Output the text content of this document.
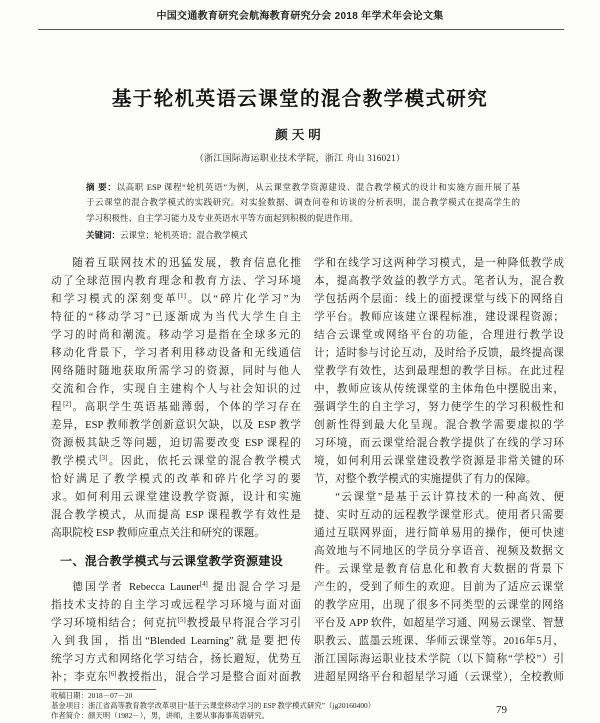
中国交通教育研究会航海教育研究分会 2018 年学术年会论文集
基于轮机英语云课堂的混合教学模式研究
颜天明
（浙江国际海运职业技术学院，浙江 舟山 316021）
摘 要：以高职 ESP 课程“轮机英语”为例，从云课堂教学资源建设、混合教学模式的设计和实施方面开展了基
于云课堂的混合教学模式的实践研究。对实验数据、调查问卷和访谈的分析表明，混合教学模式在提高学生的
学习积极性、自主学习能力及专业英语水平等方面起到积极的促进作用。
关键词：云课堂；轮机英语；混合教学模式
随着互联网技术的迅猛发展，教育信息化推
动了全球范围内教育理念和教育方法、学习环境
和学习模式的深刻变革[1]。以“碎片化学习”为
特征的“移动学习”已逐渐成为当代大学生自主
学习的时尚和潮流。移动学习是指在全球多元的
移动化背景下，学习者利用移动设备和无线通信
网络随时随地获取所需学习的资源，同时与他人
交流和合作，实现自主建构个人与社会知识的过
程[2]。高职学生英语基础薄弱，个体的学习存在
差异，ESP 教师教学创新意识欠缺，以及 ESP 教学
资源极其缺乏等问题，迫切需要改变 ESP 课程的
教学模式[3]。因此，依托云课堂的混合教学模式
恰好满足了教学模式的改革和碎片化学习的要
求。如何利用云课堂建设教学资源，设计和实施
混合教学模式，从而提高 ESP 课程教学有效性是
高职院校 ESP 教师应重点关注和研究的课题。
一、混合教学模式与云课堂教学资源建设
德国学者 Rebecca Launer[4] 提出混合学习是
指技术支持的自主学习或远程学习环境与面对面
学习环境相结合；何克抗[5]教授最早将混合学习引
入到我国，指出“Blended Learning”就是要把传
统学习方式和网络化学习结合，扬长避短，优势互
补；李克东[6]教授指出，混合学习是整合面对面教
学和在线学习这两种学习模式，是一种降低教学成
本，提高教学效益的教学方式。笔者认为，混合教
学包括两个层面：线上的面授课堂与线下的网络自
学平台。教师应该建立课程标准，建设课程资源；
结合云课堂或网络平台的功能，合理进行教学设
计；适时参与讨论互动，及时给予反馈，最终提高课
堂教学有效性，达到最理想的教学目标。在此过程
中，教师应该从传统课堂的主体角色中摆脱出来，
强调学生的自主学习，努力使学生的学习积极性和
创新性得到最大化呈现。混合教学需要虚拟的学
习环境，而云课堂给混合教学提供了在线的学习环
境，如何利用云课堂建设教学资源是非常关键的环
节，对整个教学模式的实施提供了有力的保障。
“云课堂”是基于云计算技术的一种高效、便
捷、实时互动的远程教学课堂形式。使用者只需要
通过互联网界面，进行简单易用的操作，便可快速
高效地与不同地区的学员分享语音、视频及数据文
件。云课堂是教育信息化和教育大数据的背景下
产生的，受到了师生的欢迎。目前为了适应云课堂
的教学应用，出现了很多不同类型的云课堂的网络
平台及 APP 软件，如超星学习通、网易云课堂、智慧
职教云、蓝墨云班课、华师云课堂等。2016年5月，
浙江国际海运职业技术学院（以下简称“学校”）引
进超星网络平台和超星学习通（云课堂），全校教师
收稿日期：2018－07－20
基金项目：浙江省高等教育教学改革项目“基于云课堂移动学习的 ESP 教学模式研究”（jg20160400）
作者简介：颜天明（1982－），男，讲师，主要从事海事英语研究。	79
